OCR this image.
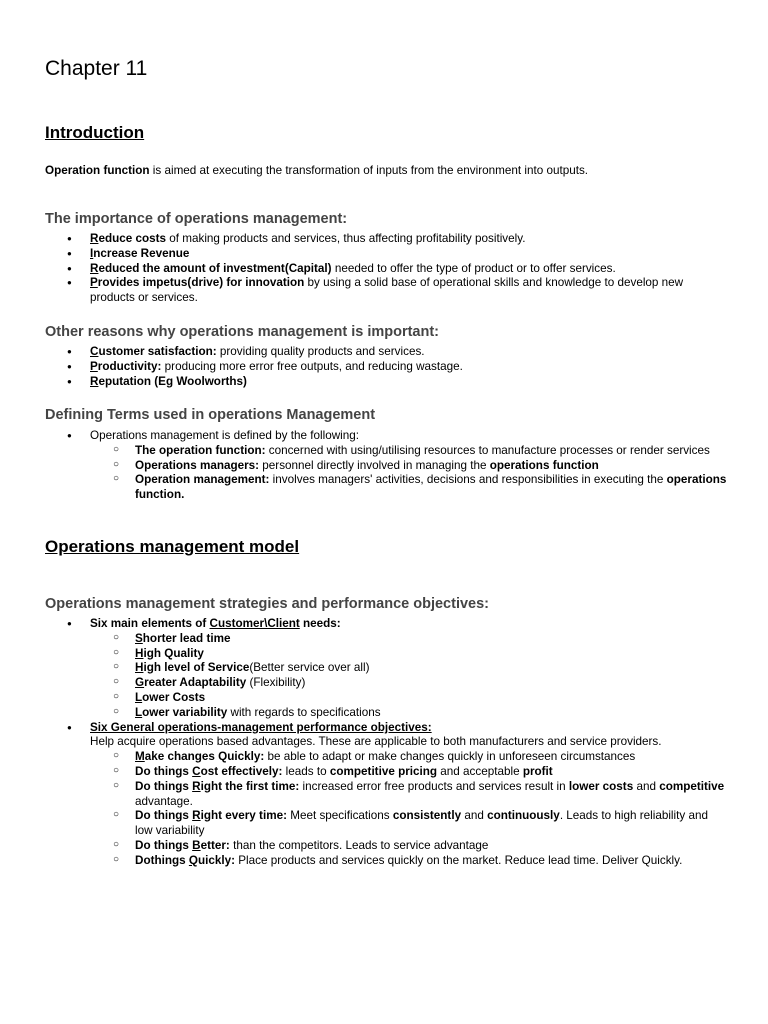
Chapter 11
Introduction
Operation function is aimed at executing the transformation of inputs from the environment into outputs.
The importance of operations management:
● Reduce costs of making products and services, thus affecting profitability positively.
● Increase Revenue
● Reduced the amount of investment(Capital) needed to offer the type of product or to offer services.
● Provides impetus(drive) for innovation by using a solid base of operational skills and knowledge to develop new products or services.
Other reasons why operations management is important:
● Customer satisfaction: providing quality products and services.
● Productivity: producing more error free outputs, and reducing wastage.
● Reputation (Eg Woolworths)
Defining Terms used in operations Management
● Operations management is defined by the following:
○ The operation function: concerned with using/utilising resources to manufacture processes or render services
○ Operations managers: personnel directly involved in managing the operations function
○ Operation management: involves managers' activities, decisions and responsibilities in executing the operations function.
Operations management model
Operations management strategies and performance objectives:
● Six main elements of Customer\Client needs:
○ Shorter lead time
○ High Quality
○ High level of Service(Better service over all)
○ Greater Adaptability (Flexibility)
○ Lower Costs
○ Lower variability with regards to specifications
● Six General operations-management performance objectives:
Help acquire operations based advantages. These are applicable to both manufacturers and service providers.
○ Make changes Quickly: be able to adapt or make changes quickly in unforeseen circumstances
○ Do things Cost effectively: leads to competitive pricing and acceptable profit
○ Do things Right the first time: increased error free products and services result in lower costs and competitive advantage.
○ Do things Right every time: Meet specifications consistently and continuously. Leads to high reliability and low variability
○ Do things Better: than the competitors. Leads to service advantage
○ Dothings Quickly: Place products and services quickly on the market. Reduce lead time. Deliver Quickly.
